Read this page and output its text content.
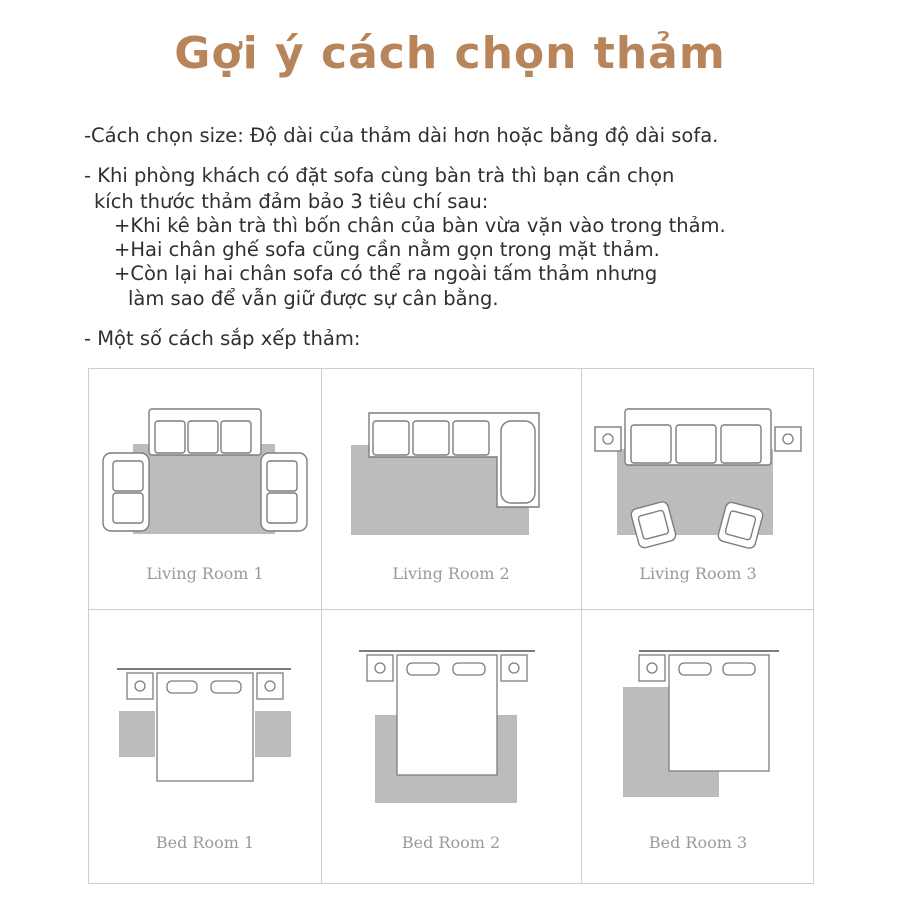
Gợi ý cách chọn thảm
-Cách chọn size: Độ dài của thảm dài hơn hoặc bằng độ dài sofa.
- Khi phòng khách có đặt sofa cùng bàn trà thì bạn cần chọn
kích thước thảm đảm bảo 3 tiêu chí sau:
+Khi kê bàn trà thì bốn chân của bàn vừa vặn vào trong thảm.
+Hai chân ghế sofa cũng cần nằm gọn trong mặt thảm.
+Còn lại hai chân sofa có thể ra ngoài tấm thảm nhưng
làm sao để vẫn giữ được sự cân bằng.
- Một số cách sắp xếp thảm:
Living Room 1	Living Room 2	Living Room 3
Bed Room 1	Bed Room 2	Bed Room 3
